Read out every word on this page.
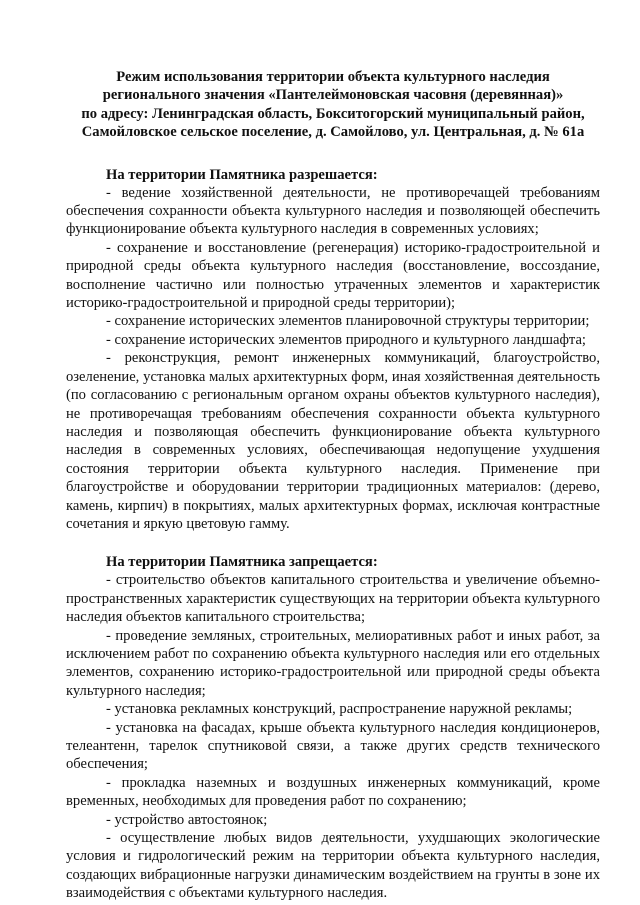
Режим использования территории объекта культурного наследия
регионального значения «Пантелеймоновская часовня (деревянная)»
по адресу: Ленинградская область, Бокситогорский муниципальный район,
Самойловское сельское поселение, д. Самойлово, ул. Центральная, д. № 61а

На территории Памятника разрешается:

- ведение хозяйственной деятельности, не противоречащей требованиям обеспечения сохранности объекта культурного наследия и позволяющей обеспечить функционирование объекта культурного наследия в современных условиях;

- сохранение и восстановление (регенерация) историко-градостроительной и природной среды объекта культурного наследия (восстановление, воссоздание, восполнение частично или полностью утраченных элементов и характеристик историко-градостроительной и природной среды территории);

- сохранение исторических элементов планировочной структуры территории;

- сохранение исторических элементов природного и культурного ландшафта;

- реконструкция, ремонт инженерных коммуникаций, благоустройство, озеленение, установка малых архитектурных форм, иная хозяйственная деятельность (по согласованию с региональным органом охраны объектов культурного наследия), не противоречащая требованиям обеспечения сохранности объекта культурного наследия и позволяющая обеспечить функционирование объекта культурного наследия в современных условиях, обеспечивающая недопущение ухудшения состояния территории объекта культурного наследия. Применение при благоустройстве и оборудовании территории традиционных материалов: (дерево, камень, кирпич) в покрытиях, малых архитектурных формах, исключая контрастные сочетания и яркую цветовую гамму.

На территории Памятника запрещается:

- строительство объектов капитального строительства и увеличение объемно-пространственных характеристик существующих на территории объекта культурного наследия объектов капитального строительства;

- проведение земляных, строительных, мелиоративных работ и иных работ, за исключением работ по сохранению объекта культурного наследия или его отдельных элементов, сохранению историко-градостроительной или природной среды объекта культурного наследия;

- установка рекламных конструкций, распространение наружной рекламы;

- установка на фасадах, крыше объекта культурного наследия кондиционеров, телеантенн, тарелок спутниковой связи, а также других средств технического обеспечения;

- прокладка наземных и воздушных инженерных коммуникаций, кроме временных, необходимых для проведения работ по сохранению;

- устройство автостоянок;

- осуществление любых видов деятельности, ухудшающих экологические условия и гидрологический режим на территории объекта культурного наследия, создающих вибрационные нагрузки динамическим воздействием на грунты в зоне их взаимодействия с объектами культурного наследия.
